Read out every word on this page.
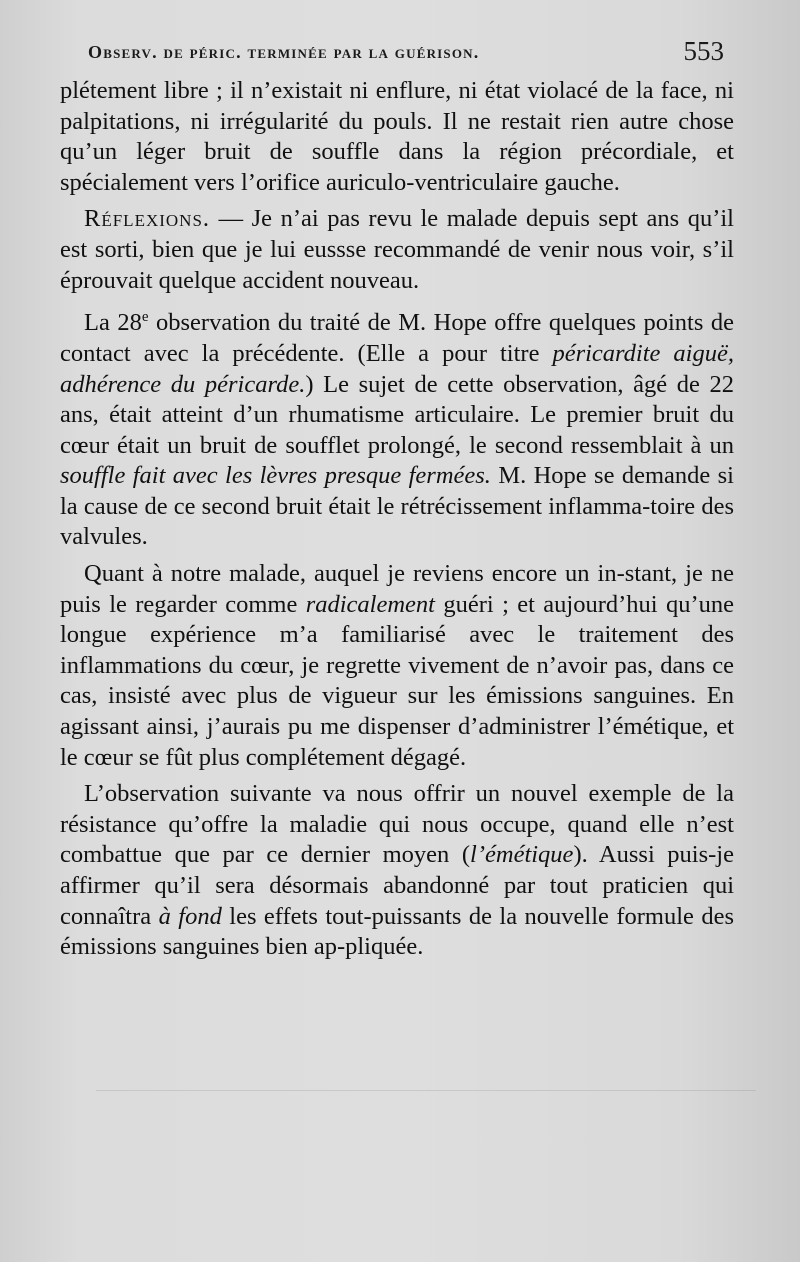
Observ. de péric. terminée par la guérison.	553

plétement libre ; il n’existait ni enflure, ni état violacé de la face, ni palpitations, ni irrégularité du pouls. Il ne restait rien autre chose qu’un léger bruit de souffle dans la région précordiale, et spécialement vers l’orifice auriculo-ventriculaire gauche.

Réflexions. — Je n’ai pas revu le malade depuis sept ans qu’il est sorti, bien que je lui eussse recommandé de venir nous voir, s’il éprouvait quelque accident nouveau.

La 28e observation du traité de M. Hope offre quelques points de contact avec la précédente. (Elle a pour titre péricardite aiguë, adhérence du péricarde.) Le sujet de cette observation, âgé de 22 ans, était atteint d’un rhumatisme articulaire. Le premier bruit du cœur était un bruit de soufflet prolongé, le second ressemblait à un souffle fait avec les lèvres presque fermées. M. Hope se demande si la cause de ce second bruit était le rétrécissement inflamma-toire des valvules.

Quant à notre malade, auquel je reviens encore un in-stant, je ne puis le regarder comme radicalement guéri ; et aujourd’hui qu’une longue expérience m’a familiarisé avec le traitement des inflammations du cœur, je regrette vivement de n’avoir pas, dans ce cas, insisté avec plus de vigueur sur les émissions sanguines. En agissant ainsi, j’aurais pu me dispenser d’administrer l’émétique, et le cœur se fût plus complétement dégagé.

L’observation suivante va nous offrir un nouvel exemple de la résistance qu’offre la maladie qui nous occupe, quand elle n’est combattue que par ce dernier moyen (l’émétique). Aussi puis-je affirmer qu’il sera désormais abandonné par tout praticien qui connaîtra à fond les effets tout-puissants de la nouvelle formule des émissions sanguines bien ap-pliquée.
